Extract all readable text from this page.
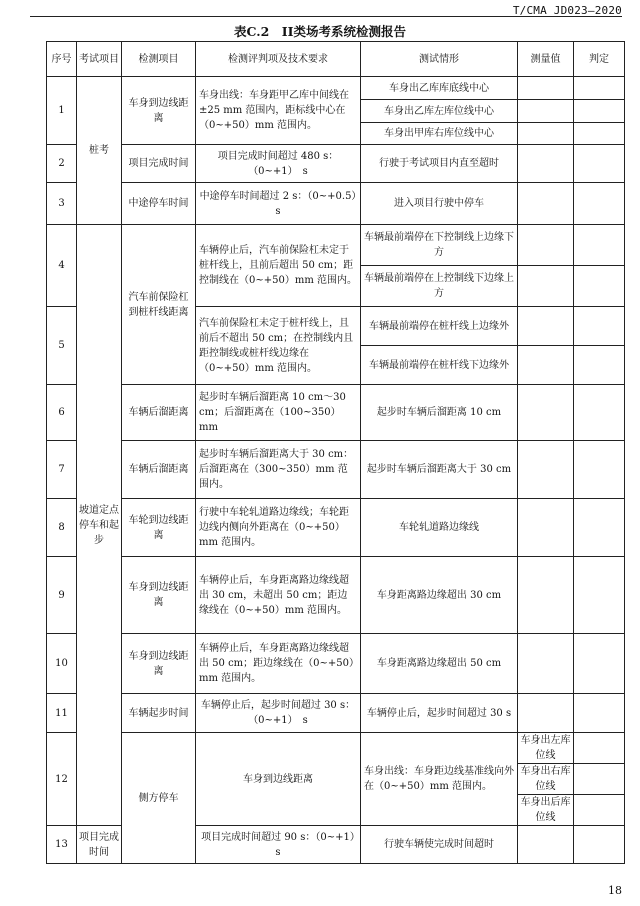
T/CMA JD023—2020
表C.2　II类场考系统检测报告
序号	考试项目	检测项目	检测评判项及技术要求	测试情形	测量值	判定	
1	桩考	车身到边线距离	车身出线：车身距甲乙库中间线在±25 mm 范围内，距标线中心在（0~+50）mm 范围内。	车身出乙库库底线中心			
				车身出乙库左库位线中心			
				车身出甲库右库位线中心			
2		项目完成时间	项目完成时间超过 480 s：（0~+1）　s	行驶于考试项目内直至超时			
3		中途停车时间	中途停车时间超过 2 s：（0~+0.5）　s	进入项目行驶中停车			
4	坡道定点停车和起步	汽车前保险杠到桩杆线距离	车辆停止后，汽车前保险杠未定于桩杆线上，且前后超出 50 cm；距控制线在（0~+50）mm 范围内。	车辆最前端停在下控制线上边缘下方			
				车辆最前端停在上控制线下边缘上方			
5			汽车前保险杠未定于桩杆线上，且前后不超出 50 cm；在控制线内且距控制线或桩杆线边缘在（0~+50）mm 范围内。	车辆最前端停在桩杆线上边缘外			
				车辆最前端停在桩杆线下边缘外			
6		车辆后溜距离	起步时车辆后溜距离 10 cm～30 cm；后溜距离在（100~350）mm	起步时车辆后溜距离 10 cm			
7		车辆后溜距离	起步时车辆后溜距离大于 30 cm：后溜距离在（300~350）mm 范围内。	起步时车辆后溜距离大于 30 cm			
8		车轮到边线距离	行驶中车轮轧道路边缘线；车轮距边线内侧向外距离在（0~+50）mm 范围内。	车轮轧道路边缘线			
9		车身到边线距离	车辆停止后，车身距离路边缘线超出 30 cm，未超出 50 cm；距边缘线在（0~+50）mm 范围内。	车身距离路边缘超出 30 cm			
10		车身到边线距离	车辆停止后，车身距离路边缘线超出 50 cm；距边缘线在（0~+50）mm 范围内。	车身距离路边缘超出 50 cm			
11		车辆起步时间	车辆停止后，起步时间超过 30 s：（0~+1）　s	车辆停止后，起步时间超过 30 s			
12		侧方停车	车身到边线距离	车身出线：车身距边线基准线向外在（0~+50）mm 范围内。	车身出左库位线		
					车身出右库位线		
					车身出后库位线		
13	项目完成时间		项目完成时间超过 90 s：（0~+1）　s	行驶车辆使完成时间超时			
18
